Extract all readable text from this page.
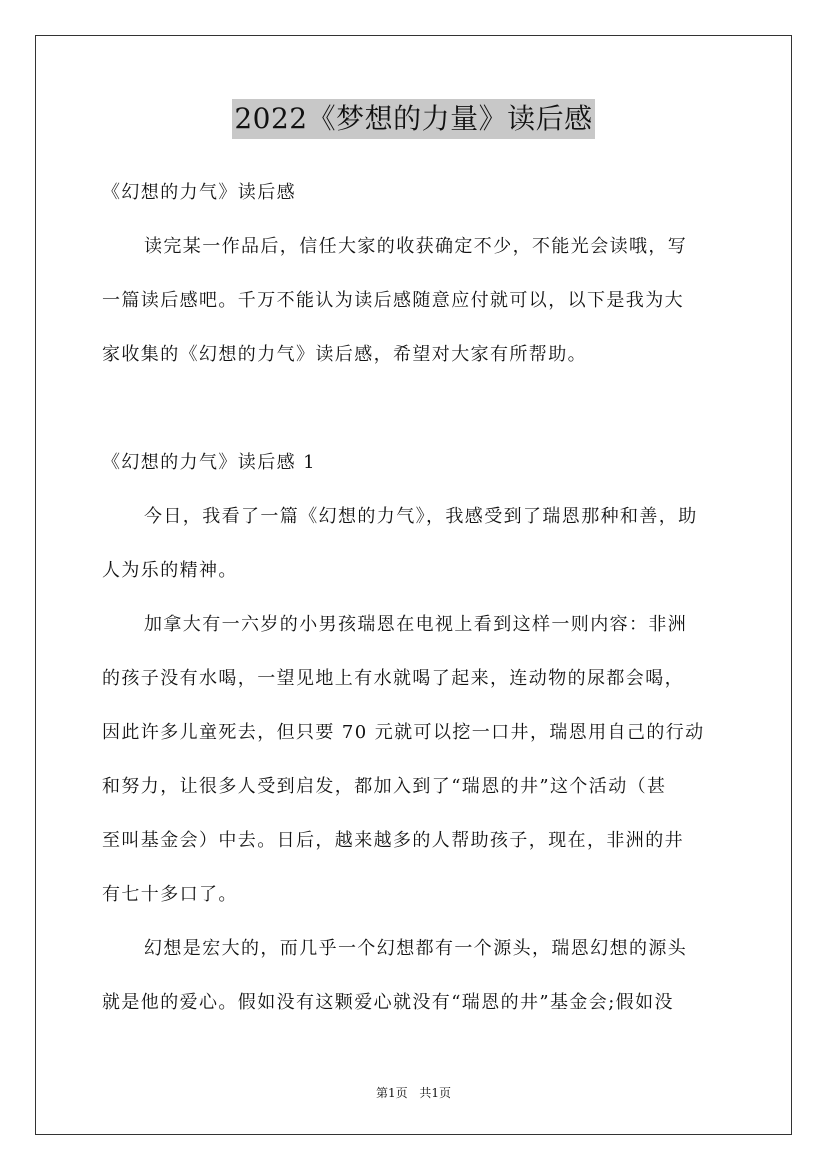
2022《梦想的力量》读后感
《幻想的力气》读后感
读完某一作品后，信任大家的收获确定不少，不能光会读哦，写
一篇读后感吧。千万不能认为读后感随意应付就可以，以下是我为大
家收集的《幻想的力气》读后感，希望对大家有所帮助。
《幻想的力气》读后感 1
今日，我看了一篇《幻想的力气》，我感受到了瑞恩那种和善，助
人为乐的精神。
加拿大有一六岁的小男孩瑞恩在电视上看到这样一则内容：非洲
的孩子没有水喝，一望见地上有水就喝了起来，连动物的尿都会喝，
因此许多儿童死去，但只要 70 元就可以挖一口井，瑞恩用自己的行动
和努力，让很多人受到启发，都加入到了“瑞恩的井”这个活动（甚
至叫基金会）中去。日后，越来越多的人帮助孩子，现在，非洲的井
有七十多口了。
幻想是宏大的，而几乎一个幻想都有一个源头，瑞恩幻想的源头
就是他的爱心。假如没有这颗爱心就没有“瑞恩的井”基金会;假如没
第1页 共1页
